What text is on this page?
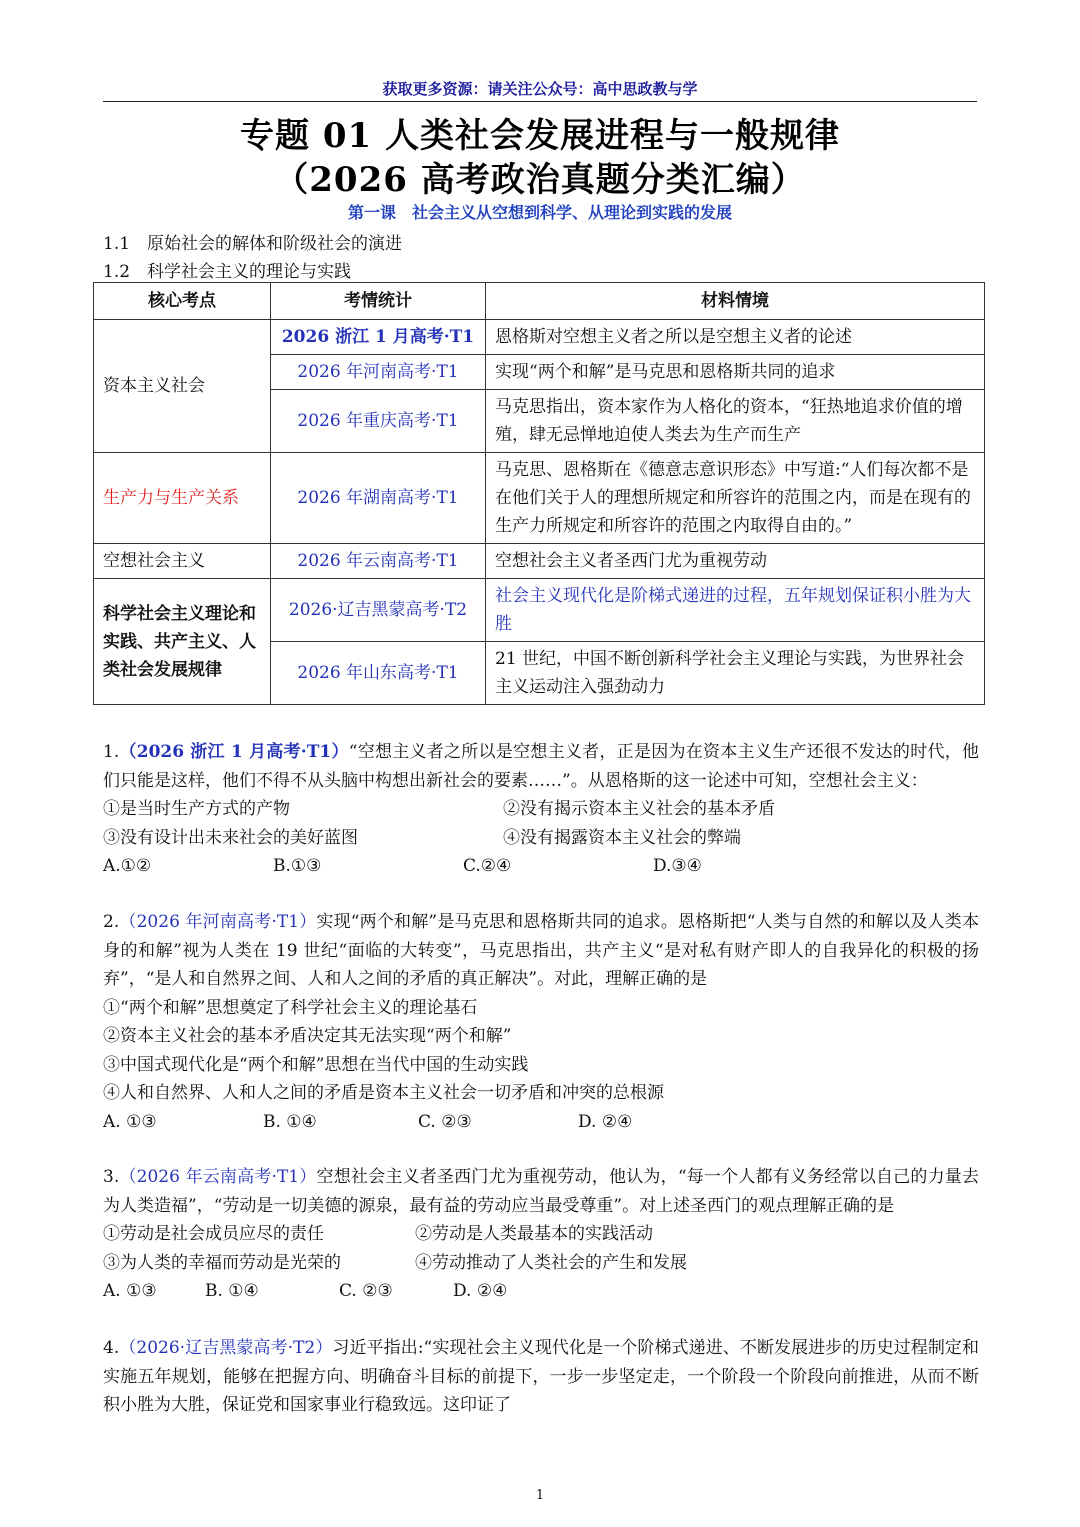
获取更多资源：请关注公众号：高中思政教与学
专题 01 人类社会发展进程与一般规律
（2026 高考政治真题分类汇编）
第一课　社会主义从空想到科学、从理论到实践的发展
1.1　原始社会的解体和阶级社会的演进
1.2　科学社会主义的理论与实践
核心考点	考情统计	材料情境
资本主义社会	2026 浙江 1 月高考·T1	恩格斯对空想主义者之所以是空想主义者的论述
	2026 年河南高考·T1	实现“两个和解”是马克思和恩格斯共同的追求
	2026 年重庆高考·T1	马克思指出，资本家作为人格化的资本，“狂热地追求价值的增殖，肆无忌惮地迫使人类去为生产而生产
生产力与生产关系	2026 年湖南高考·T1	马克思、恩格斯在《德意志意识形态》中写道:“人们每次都不是在他们关于人的理想所规定和所容许的范围之内，而是在现有的生产力所规定和所容许的范围之内取得自由的。”
空想社会主义	2026 年云南高考·T1	空想社会主义者圣西门尤为重视劳动
科学社会主义理论和实践、共产主义、人类社会发展规律	2026·辽吉黑蒙高考·T2	社会主义现代化是阶梯式递进的过程，五年规划保证积小胜为大胜
	2026 年山东高考·T1	21 世纪，中国不断创新科学社会主义理论与实践，为世界社会主义运动注入强劲动力
1.（2026 浙江 1 月高考·T1）“空想主义者之所以是空想主义者，正是因为在资本主义生产还很不发达的时代，他们只能是这样，他们不得不从头脑中构想出新社会的要素……”。从恩格斯的这一论述中可知，空想社会主义：
①是当时生产方式的产物	②没有揭示资本主义社会的基本矛盾
③没有设计出未来社会的美好蓝图	④没有揭露资本主义社会的弊端
A.①②	B.①③	C.②④	D.③④
2.（2026 年河南高考·T1）实现“两个和解”是马克思和恩格斯共同的追求。恩格斯把“人类与自然的和解以及人类本身的和解”视为人类在 19 世纪“面临的大转变”，马克思指出，共产主义“是对私有财产即人的自我异化的积极的扬弃”，“是人和自然界之间、人和人之间的矛盾的真正解决”。对此，理解正确的是
①“两个和解”思想奠定了科学社会主义的理论基石
②资本主义社会的基本矛盾决定其无法实现“两个和解”
③中国式现代化是“两个和解”思想在当代中国的生动实践
④人和自然界、人和人之间的矛盾是资本主义社会一切矛盾和冲突的总根源
A. ①③	B. ①④	C. ②③	D. ②④
3.（2026 年云南高考·T1）空想社会主义者圣西门尤为重视劳动，他认为，“每一个人都有义务经常以自己的力量去为人类造福”，“劳动是一切美德的源泉，最有益的劳动应当最受尊重”。对上述圣西门的观点理解正确的是
①劳动是社会成员应尽的责任	②劳动是人类最基本的实践活动
③为人类的幸福而劳动是光荣的	④劳动推动了人类社会的产生和发展
A. ①③	B. ①④	C. ②③	D. ②④
4.（2026·辽吉黑蒙高考·T2）习近平指出:“实现社会主义现代化是一个阶梯式递进、不断发展进步的历史过程制定和实施五年规划，能够在把握方向、明确奋斗目标的前提下，一步一步坚定走，一个阶段一个阶段向前推进，从而不断积小胜为大胜，保证党和国家事业行稳致远。这印证了
1
